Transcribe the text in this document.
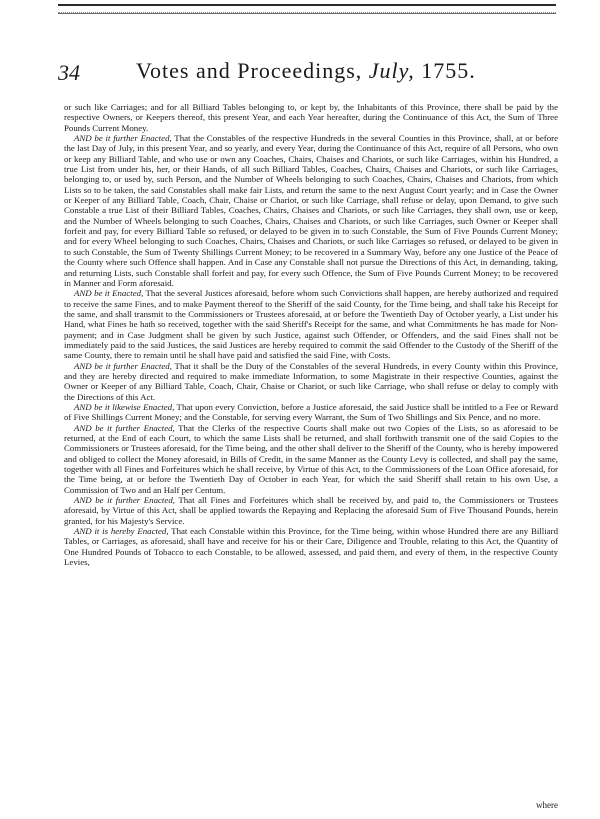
34	Votes and Proceedings, July, 1755.

or such like Carriages; and for all Billiard Tables belonging to, or kept by, the Inhabitants of this Province, there shall be paid by the respective Owners, or Keepers thereof, this present Year, and each Year hereafter, during the Continuance of this Act, the Sum of Three Pounds Current Money.

AND be it further Enacted, That the Constables of the respective Hundreds in the several Counties in this Province, shall, at or before the last Day of July, in this present Year, and so yearly, and every Year, during the Continuance of this Act, require of all Persons, who own or keep any Billiard Table, and who use or own any Coaches, Chairs, Chaises and Chariots, or such like Carriages, within his Hundred, a true List from under his, her, or their Hands, of all such Billiard Tables, Coaches, Chairs, Chaises and Chariots, or such like Carriages, belonging to, or used by, such Person, and the Number of Wheels belonging to such Coaches, Chairs, Chaises and Chariots, from which Lists so to be taken, the said Constables shall make fair Lists, and return the same to the next August Court yearly; and in Case the Owner or Keeper of any Billiard Table, Coach, Chair, Chaise or Chariot, or such like Carriage, shall refuse or delay, upon Demand, to give such Constable a true List of their Billiard Tables, Coaches, Chairs, Chaises and Chariots, or such like Carriages, they shall own, use or keep, and the Number of Wheels belonging to such Coaches, Chairs, Chaises and Chariots, or such like Carriages, such Owner or Keeper shall forfeit and pay, for every Billiard Table so refused, or delayed to be given in to such Constable, the Sum of Five Pounds Current Money; and for every Wheel belonging to such Coaches, Chairs, Chaises and Chariots, or such like Carriages so refused, or delayed to be given in to such Constable, the Sum of Twenty Shillings Current Money; to be recovered in a Summary Way, before any one Justice of the Peace of the County where such Offence shall happen. And in Case any Constable shall not pursue the Directions of this Act, in demanding, taking, and returning Lists, such Constable shall forfeit and pay, for every such Offence, the Sum of Five Pounds Current Money; to be recovered in Manner and Form aforesaid.

AND be it Enacted, That the several Justices aforesaid, before whom such Convictions shall happen, are hereby authorized and required to receive the same Fines, and to make Payment thereof to the Sheriff of the said County, for the Time being, and shall take his Receipt for the same, and shall transmit to the Commissioners or Trustees aforesaid, at or before the Twentieth Day of October yearly, a List under his Hand, what Fines he hath so received, together with the said Sheriff's Receipt for the same, and what Commitments he has made for Non-payment; and in Case Judgment shall be given by such Justice, against such Offender, or Offenders, and the said Fines shall not be immediately paid to the said Justices, the said Justices are hereby required to commit the said Offender to the Custody of the Sheriff of the same County, there to remain until he shall have paid and satisfied the said Fine, with Costs.

AND be it further Enacted, That it shall be the Duty of the Constables of the several Hundreds, in every County within this Province, and they are hereby directed and required to make immediate Information, to some Magistrate in their respective Counties, against the Owner or Keeper of any Billiard Table, Coach, Chair, Chaise or Chariot, or such like Carriage, who shall refuse or delay to comply with the Directions of this Act.

AND be it likewise Enacted, That upon every Conviction, before a Justice aforesaid, the said Justice shall be intitled to a Fee or Reward of Five Shillings Current Money; and the Constable, for serving every Warrant, the Sum of Two Shillings and Six Pence, and no more.

AND be it further Enacted, That the Clerks of the respective Courts shall make out two Copies of the Lists, so as aforesaid to be returned, at the End of each Court, to which the same Lists shall be returned, and shall forthwith transmit one of the said Copies to the Commissioners or Trustees aforesaid, for the Time being, and the other shall deliver to the Sheriff of the County, who is hereby impowered and obliged to collect the Money aforesaid, in Bills of Credit, in the same Manner as the County Levy is collected, and shall pay the same, together with all Fines and Forfeitures which he shall receive, by Virtue of this Act, to the Commissioners of the Loan Office aforesaid, for the Time being, at or before the Twentieth Day of October in each Year, for which the said Sheriff shall retain to his own Use, a Commission of Two and an Half per Centum.

AND be it further Enacted, That all Fines and Forfeitures which shall be received by, and paid to, the Commissioners or Trustees aforesaid, by Virtue of this Act, shall be applied towards the Repaying and Replacing the aforesaid Sum of Five Thousand Pounds, herein granted, for his Majesty's Service.

AND it is hereby Enacted, That each Constable within this Province, for the Time being, within whose Hundred there are any Billiard Tables, or Carriages, as aforesaid, shall have and receive for his or their Care, Diligence and Trouble, relating to this Act, the Quantity of One Hundred Pounds of Tobacco to each Constable, to be allowed, assessed, and paid them, and every of them, in the respective County Levies,

where
